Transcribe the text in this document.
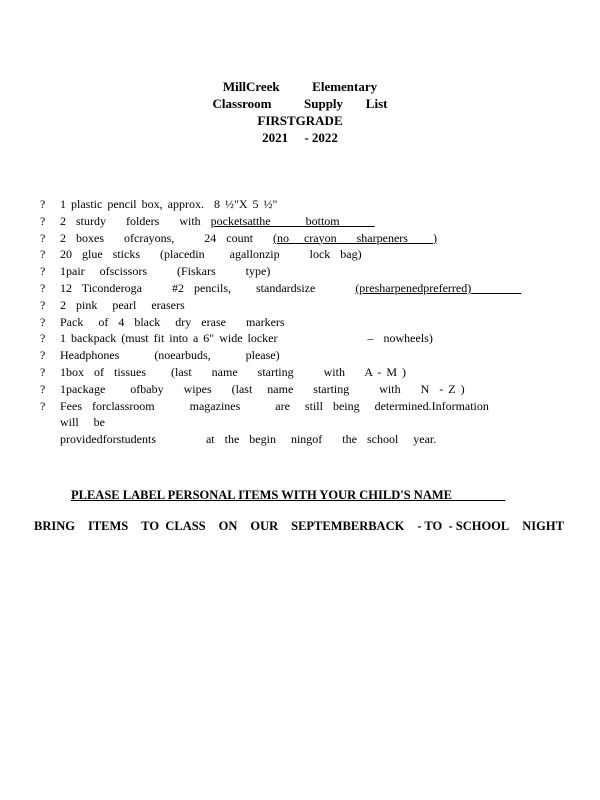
MillCreek          Elementary
Classroom          Supply       List
FIRSTGRADE
2021     - 2022
?	1 plastic pencil box, approx.  8 ½"X 5 ½"
?	2  sturdy    folders    with  pocketsatthe       bottom
?	2  boxes    ofcrayons,      24  count    (no   crayon    sharpeners     )
?	20  glue  sticks    (placedin     agallonzip      lock  bag)
?	1pair   ofscissors      (Fiskars      type)
?	12  Ticonderoga      #2  pencils,     standardsize        (presharpenedpreferred)
?	2  pink   pearl   erasers
?	Pack   of  4  black   dry  erase    markers
?	1 backpack (must fit into a 6" wide locker                  –  nowheels)
?	Headphones       (noearbuds,       please)
?	1box  of  tissues     (last    name    starting      with    A - M )
?	1package     ofbaby    wipes    (last   name    starting      with    N  - Z )
?	Fees  forclassroom       magazines       are   still  being   determined.Information            will   be
providedforstudents          at  the  begin   ningof    the  school   year.
PLEASE LABEL PERSONAL ITEMS WITH YOUR CHILD'S NAME
BRING ITEMS TO  CLASS ON OUR SEPTEMBERBACK - TO  - SCHOOL NIGHT
